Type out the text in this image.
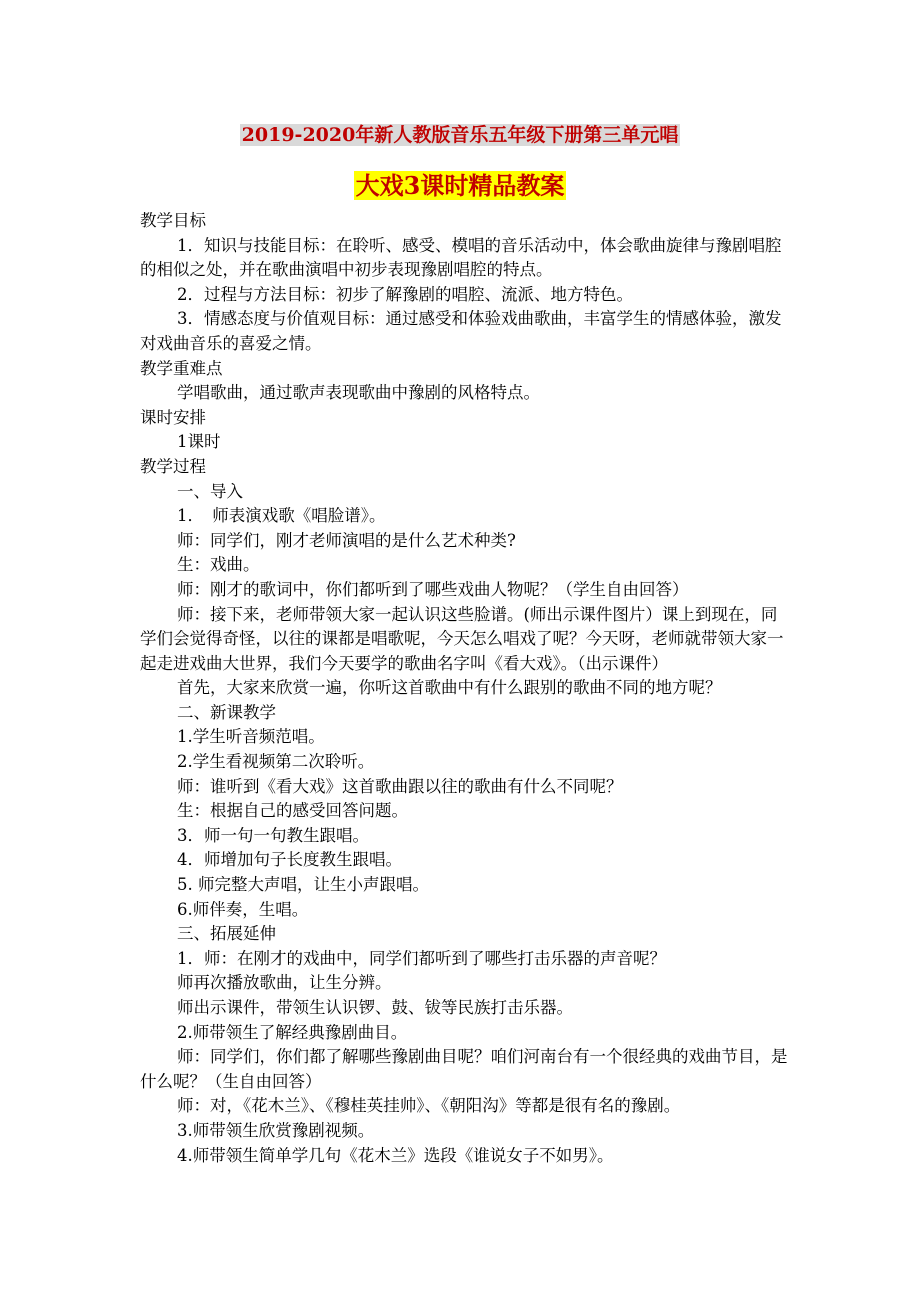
2019-2020年新人教版音乐五年级下册第三单元唱
大戏3课时精品教案

教学目标

1．知识与技能目标：在聆听、感受、模唱的音乐活动中，体会歌曲旋律与豫剧唱腔的相似之处，并在歌曲演唱中初步表现豫剧唱腔的特点。

2．过程与方法目标：初步了解豫剧的唱腔、流派、地方特色。

3．情感态度与价值观目标：通过感受和体验戏曲歌曲，丰富学生的情感体验，激发对戏曲音乐的喜爱之情。

教学重难点

学唱歌曲，通过歌声表现歌曲中豫剧的风格特点。

课时安排

1课时

教学过程

一、导入

1．　师表演戏歌《唱脸谱》。

师：同学们，刚才老师演唱的是什么艺术种类?

生：戏曲。

师：刚才的歌词中，你们都听到了哪些戏曲人物呢？（学生自由回答）

师：接下来，老师带领大家一起认识这些脸谱。(师出示课件图片）课上到现在，同学们会觉得奇怪，以往的课都是唱歌呢，今天怎么唱戏了呢？今天呀，老师就带领大家一起走进戏曲大世界，我们今天要学的歌曲名字叫《看大戏》。（出示课件）

首先，大家来欣赏一遍，你听这首歌曲中有什么跟别的歌曲不同的地方呢？

二、新课教学

1.学生听音频范唱。

2.学生看视频第二次聆听。

师：谁听到《看大戏》这首歌曲跟以往的歌曲有什么不同呢？

生：根据自己的感受回答问题。

3．师一句一句教生跟唱。

4．师增加句子长度教生跟唱。

5. 师完整大声唱，让生小声跟唱。

6.师伴奏，生唱。

三、拓展延伸

1．师：在刚才的戏曲中，同学们都听到了哪些打击乐器的声音呢？

师再次播放歌曲，让生分辨。

师出示课件，带领生认识锣、鼓、钹等民族打击乐器。

2.师带领生了解经典豫剧曲目。

师：同学们，你们都了解哪些豫剧曲目呢？咱们河南台有一个很经典的戏曲节目，是什么呢？（生自由回答）

师：对，《花木兰》、《穆桂英挂帅》、《朝阳沟》等都是很有名的豫剧。

3.师带领生欣赏豫剧视频。

4.师带领生简单学几句《花木兰》选段《谁说女子不如男》。
